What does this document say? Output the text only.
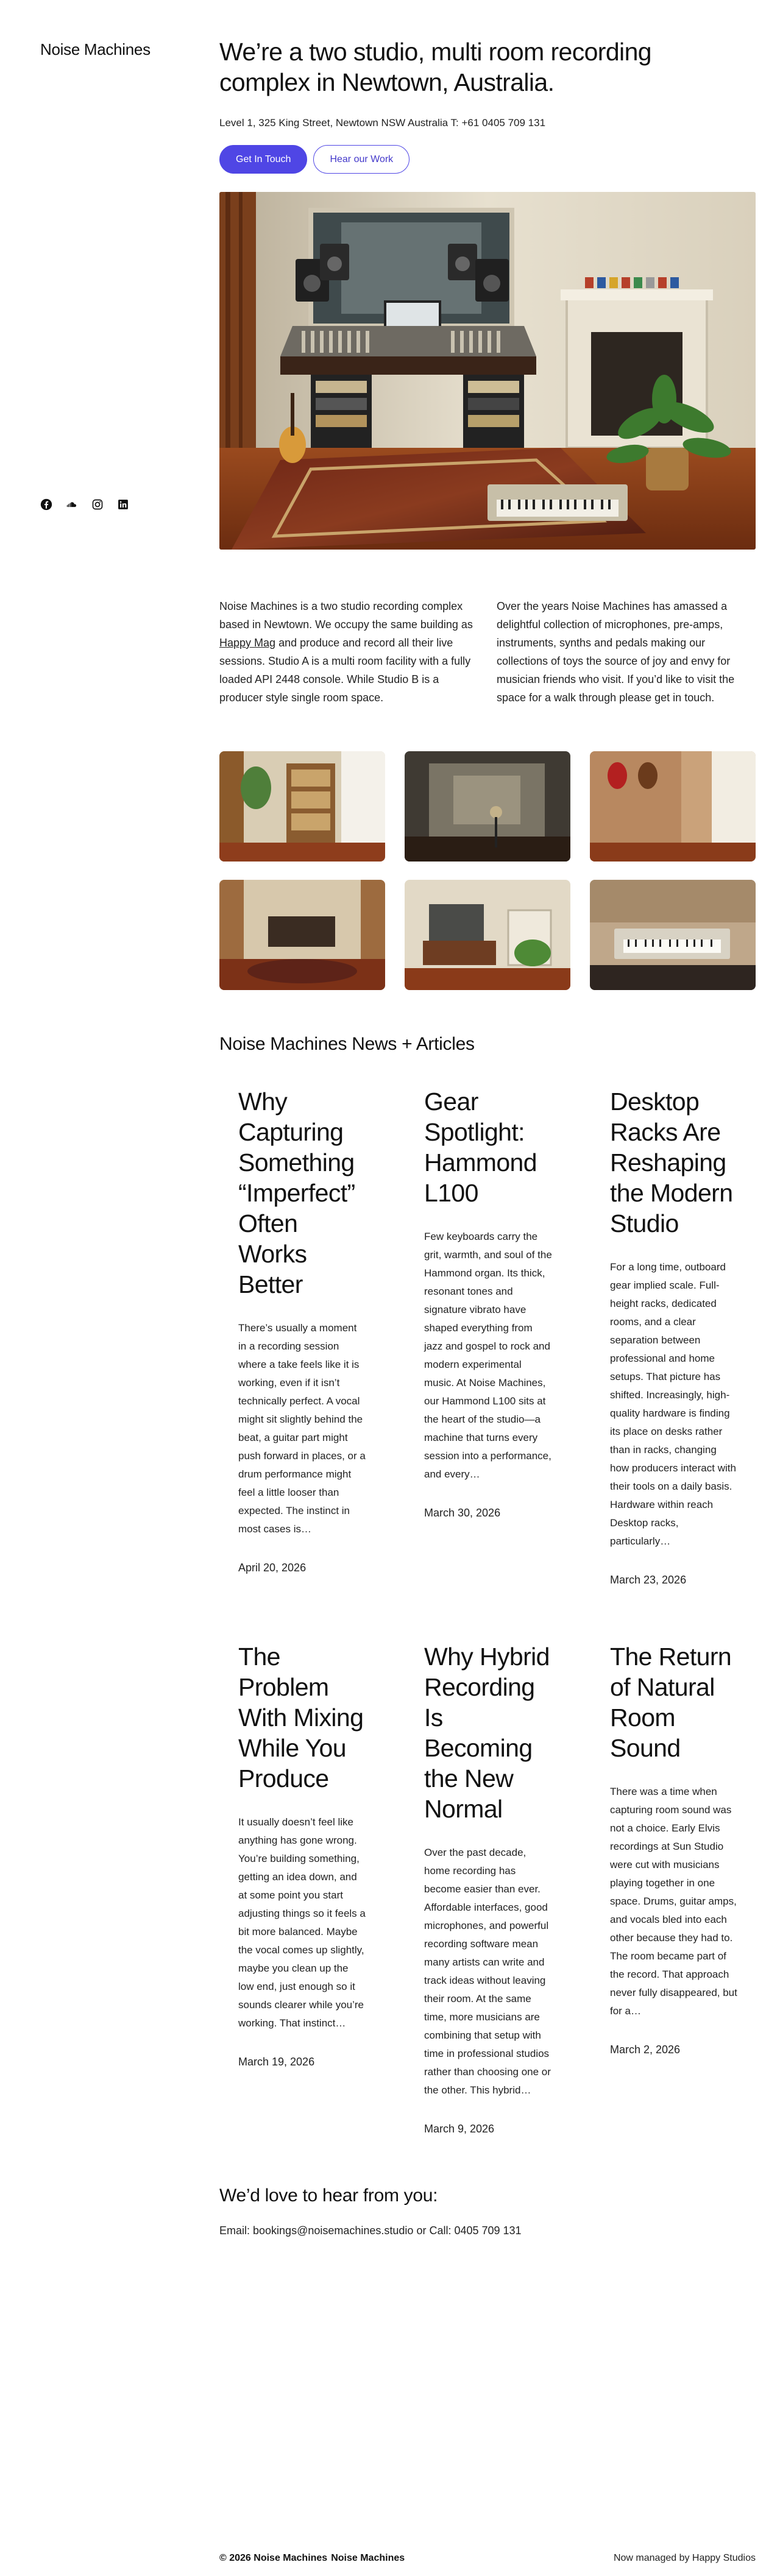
Noise Machines	We’re a two studio, multi room recording complex in Newtown, Australia.

Level 1, 325 King Street, Newtown NSW Australia T: +61 0405 709 131

Get In Touch	Hear our Work

Noise Machines is a two studio recording complex based in Newtown. We occupy the same building as Happy Mag and produce and record all their live sessions. Studio A is a multi room facility with a fully loaded API 2448 console. While Studio B is a producer style single room space.

Over the years Noise Machines has amassed a delightful collection of microphones, pre-amps, instruments, synths and pedals making our collections of toys the source of joy and envy for musician friends who visit. If you’d like to visit the space for a walk through please get in touch.

Noise Machines News + Articles
Why Capturing Something “Imperfect” Often Works Better

There’s usually a moment in a recording session where a take feels like it is working, even if it isn’t technically perfect. A vocal might sit slightly behind the beat, a guitar part might push forward in places, or a drum performance might feel a little looser than expected. The instinct in most cases is…

April 20, 2026

Gear Spotlight: Hammond L100

Few keyboards carry the grit, warmth, and soul of the Hammond organ. Its thick, resonant tones and signature vibrato have shaped everything from jazz and gospel to rock and modern experimental music. At Noise Machines, our Hammond L100 sits at the heart of the studio—a machine that turns every session into a performance, and every…

March 30, 2026

Desktop Racks Are Reshaping the Modern Studio

For a long time, outboard gear implied scale. Full-height racks, dedicated rooms, and a clear separation between professional and home setups. That picture has shifted. Increasingly, high-quality hardware is finding its place on desks rather than in racks, changing how producers interact with their tools on a daily basis. Hardware within reach Desktop racks, particularly…

March 23, 2026

The Problem With Mixing While You Produce

It usually doesn’t feel like anything has gone wrong. You’re building something, getting an idea down, and at some point you start adjusting things so it feels a bit more balanced. Maybe the vocal comes up slightly, maybe you clean up the low end, just enough so it sounds clearer while you’re working. That instinct…

March 19, 2026

Why Hybrid Recording Is Becoming the New Normal

Over the past decade, home recording has become easier than ever. Affordable interfaces, good microphones, and powerful recording software mean many artists can write and track ideas without leaving their room. At the same time, more musicians are combining that setup with time in professional studios rather than choosing one or the other. This hybrid…

March 9, 2026

The Return of Natural Room Sound

There was a time when capturing room sound was not a choice. Early Elvis recordings at Sun Studio were cut with musicians playing together in one space. Drums, guitar amps, and vocals bled into each other because they had to. The room became part of the record. That approach never fully disappeared, but for a…

March 2, 2026

We’d love to hear from you:

Email: bookings@noisemachines.studio or Call: 0405 709 131

© 2026 Noise Machines Noise Machines	Now managed by Happy Studios
